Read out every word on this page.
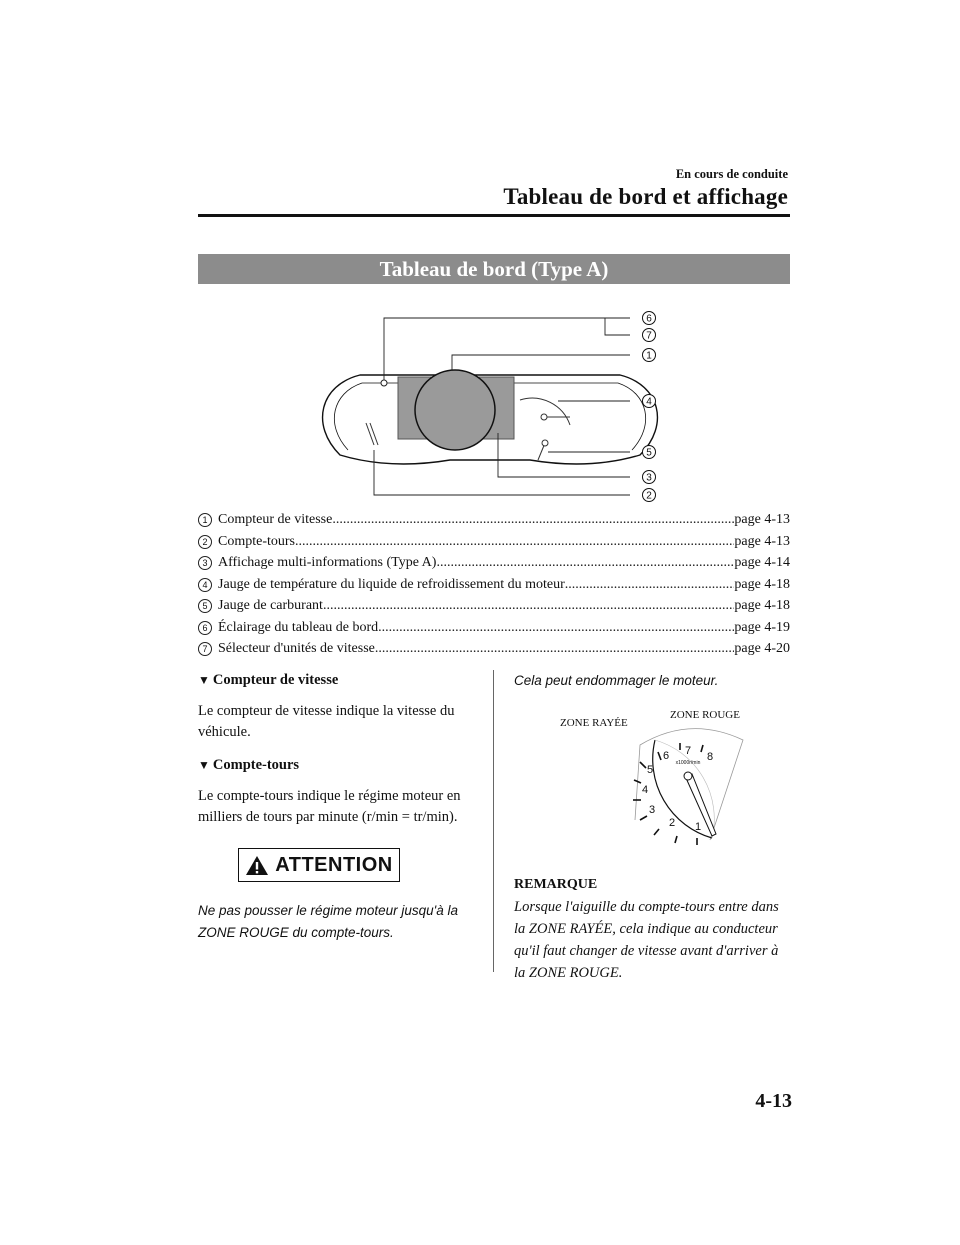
En cours de conduite
Tableau de bord et affichage
Tableau de bord (Type A)
6
7
1
4
5
3
2
1 Compteur de vitesse .....	page 4-13
2 Compte-tours .....	page 4-13
3 Affichage multi-informations (Type A) .....	page 4-14
4 Jauge de température du liquide de refroidissement du moteur .....	page 4-18
5 Jauge de carburant .....	page 4-18
6 Éclairage du tableau de bord .....	page 4-19
7 Sélecteur d'unités de vitesse .....	page 4-20
▼ Compteur de vitesse
Le compteur de vitesse indique la vitesse du véhicule.
▼ Compte-tours
Le compte-tours indique le régime moteur en milliers de tours par minute (r/min = tr/min).
ATTENTION
Ne pas pousser le régime moteur jusqu'à la ZONE ROUGE du compte-tours.
Cela peut endommager le moteur.
ZONE RAYÉE
ZONE ROUGE
1
2
3
4
5
6 7 8
x1000r/min
REMARQUE
Lorsque l'aiguille du compte-tours entre dans la ZONE RAYÉE, cela indique au conducteur qu'il faut changer de vitesse avant d'arriver à la ZONE ROUGE.
4-13
